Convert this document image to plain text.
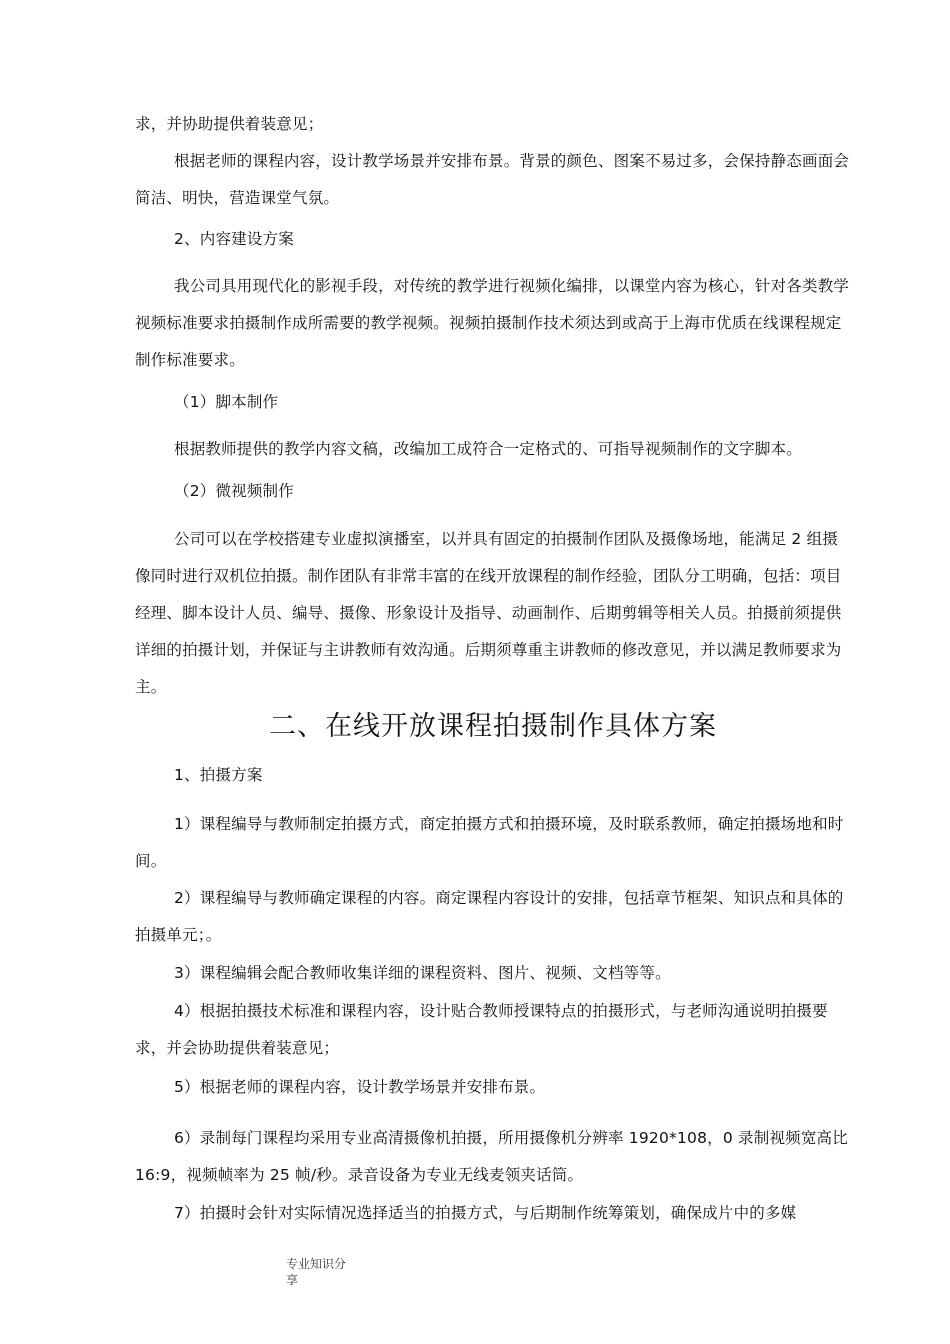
求，并协助提供着装意见；

根据老师的课程内容，设计教学场景并安排布景。背景的颜色、图案不易过多，会保持静态画面会简洁、明快，营造课堂气氛。

2、内容建设方案

我公司具用现代化的影视手段，对传统的教学进行视频化编排，以课堂内容为核心，针对各类教学视频标准要求拍摄制作成所需要的教学视频。视频拍摄制作技术须达到或高于上海市优质在线课程规定制作标准要求。

（1）脚本制作

根据教师提供的教学内容文稿，改编加工成符合一定格式的、可指导视频制作的文字脚本。

（2）微视频制作

公司可以在学校搭建专业虚拟演播室，以并具有固定的拍摄制作团队及摄像场地，能满足 2 组摄像同时进行双机位拍摄。制作团队有非常丰富的在线开放课程的制作经验，团队分工明确，包括：项目经理、脚本设计人员、编导、摄像、形象设计及指导、动画制作、后期剪辑等相关人员。拍摄前须提供详细的拍摄计划，并保证与主讲教师有效沟通。后期须尊重主讲教师的修改意见，并以满足教师要求为主。

二、在线开放课程拍摄制作具体方案

1、拍摄方案

1）课程编导与教师制定拍摄方式，商定拍摄方式和拍摄环境，及时联系教师，确定拍摄场地和时间。

2）课程编导与教师确定课程的内容。商定课程内容设计的安排，包括章节框架、知识点和具体的拍摄单元；。

3）课程编辑会配合教师收集详细的课程资料、图片、视频、文档等等。

4）根据拍摄技术标准和课程内容，设计贴合教师授课特点的拍摄形式，与老师沟通说明拍摄要求，并会协助提供着装意见；

5）根据老师的课程内容，设计教学场景并安排布景。

6）录制每门课程均采用专业高清摄像机拍摄，所用摄像机分辨率 1920*108，0 录制视频宽高比 16:9，视频帧率为 25 帧/秒。录音设备为专业无线麦领夹话筒。

7）拍摄时会针对实际情况选择适当的拍摄方式，与后期制作统筹策划，确保成片中的多媒

专业知识分
享
